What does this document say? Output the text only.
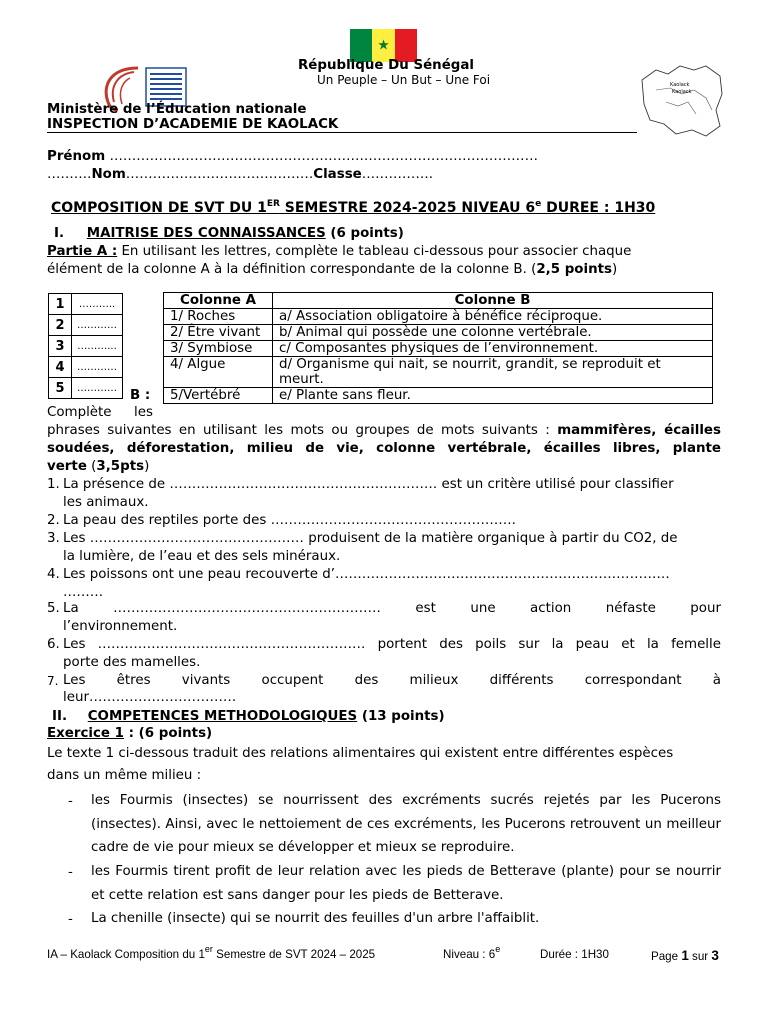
★
Kaolack
Kaolack
République Du Sénégal
Un Peuple – Un But – Une Foi
Ministère de l’Éducation nationale
INSPECTION D’ACADEMIE DE KAOLACK
Prénom ……………………………………………………………………………………
……….Nom……………………………………Classe…………….
COMPOSITION DE SVT DU 1ER SEMESTRE 2024-2025 NIVEAU 6e DUREE : 1H30
I. MAITRISE DES CONNAISSANCES (6 points)
Partie A : En utilisant les lettres, complète le tableau ci-dessous pour associer chaque
élément de la colonne A à la définition correspondante de la colonne B. (2,5 points)
1	………..
2	…………
3	………...
4	…………
5	…………
Colonne A	Colonne B
1/ Roches	a/ Association obligatoire à bénéfice réciproque.
2/ Être vivant	b/ Animal qui possède une colonne vertébrale.
3/ Symbiose	c/ Composantes physiques de l’environnement.
4/ Algue	d/ Organisme qui nait, se nourrit, grandit, se reproduit et meurt.
5/Vertébré	e/ Plante sans fleur.
B :
Complète les
phrases suivantes en utilisant les mots ou groupes de mots suivants : mammifères, écailles
soudées, déforestation, milieu de vie, colonne vertébrale, écailles libres, plante
verte (3,5pts)
1. La présence de …………………………………………………… est un critère utilisé pour classifier
les animaux.
2. La peau des reptiles porte des ……………………………………………….
3. Les ………………………………………… produisent de la matière organique à partir du CO2, de
la lumière, de l’eau et des sels minéraux.
4. Les poissons ont une peau recouverte d’…………………………………………………………………
………
5. La …………………………………………………… est une action néfaste pour
l’environnement.
6. Les …………………………………………………… portent des poils sur la peau et la femelle
porte des mamelles.
7. Les êtres vivants occupent des milieux différents correspondant à
leur……………………………
II. COMPETENCES METHODOLOGIQUES (13 points)
Exercice 1 : (6 points)
Le texte 1 ci-dessous traduit des relations alimentaires qui existent entre différentes espèces
dans un même milieu :
- les Fourmis (insectes) se nourrissent des excréments sucrés rejetés par les Pucerons (insectes). Ainsi, avec le nettoiement de ces excréments, les Pucerons retrouvent un meilleur cadre de vie pour mieux se développer et mieux se reproduire.
- les Fourmis tirent profit de leur relation avec les pieds de Betterave (plante) pour se nourrir et cette relation est sans danger pour les pieds de Betterave.
- La chenille (insecte) qui se nourrit des feuilles d'un arbre l'affaiblit.
IA – Kaolack Composition du 1er Semestre de SVT 2024 – 2025	Niveau : 6e	Durée : 1H30	Page 1 sur 3
